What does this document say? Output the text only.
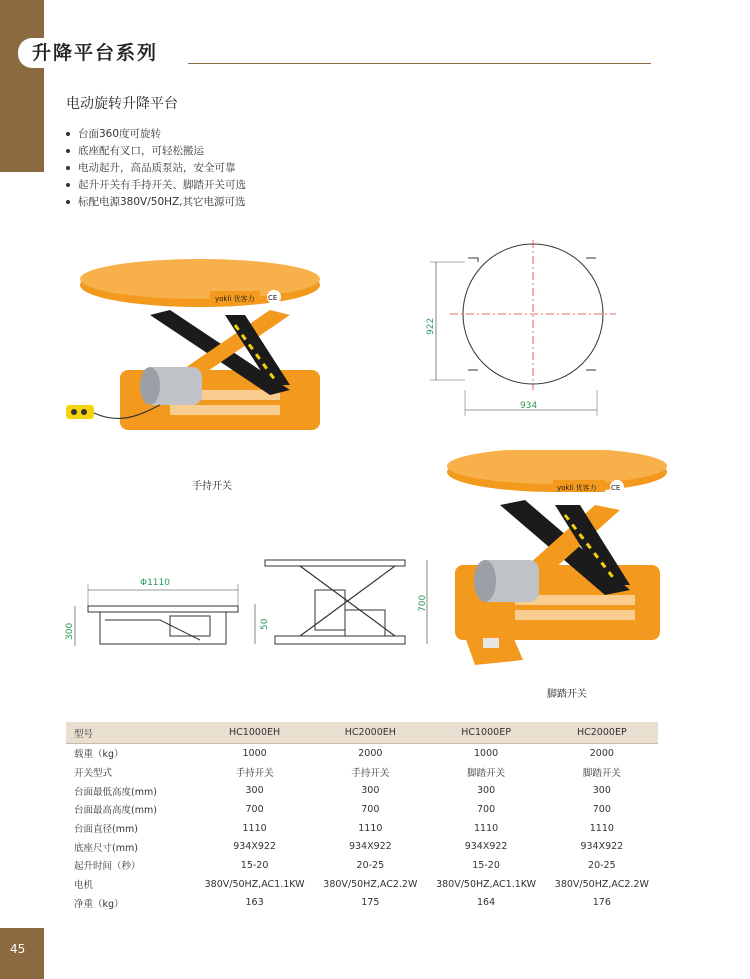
升降平台系列
电动旋转升降平台
台面360度可旋转
底座配有叉口，可轻松搬运
电动起升，高品质泵站，安全可靠
起升开关有手持开关、脚踏开关可选
标配电源380V/50HZ,其它电源可选
yokli 优客力 CE
手持开关
934
922
yokli 优客力 CE
脚踏开关
Φ1110
300	50
700
型号	HC1000EH	HC2000EH	HC1000EP	HC2000EP
载重（kg）	1000	2000	1000	2000
开关型式	手持开关	手持开关	脚踏开关	脚踏开关
台面最低高度(mm)	300	300	300	300
台面最高高度(mm)	700	700	700	700
台面直径(mm)	1110	1110	1110	1110
底座尺寸(mm)	934X922	934X922	934X922	934X922
起升时间（秒）	15-20	20-25	15-20	20-25
电机	380V/50HZ,AC1.1KW	380V/50HZ,AC2.2W	380V/50HZ,AC1.1KW	380V/50HZ,AC2.2W
净重（kg）	163	175	164	176
45
